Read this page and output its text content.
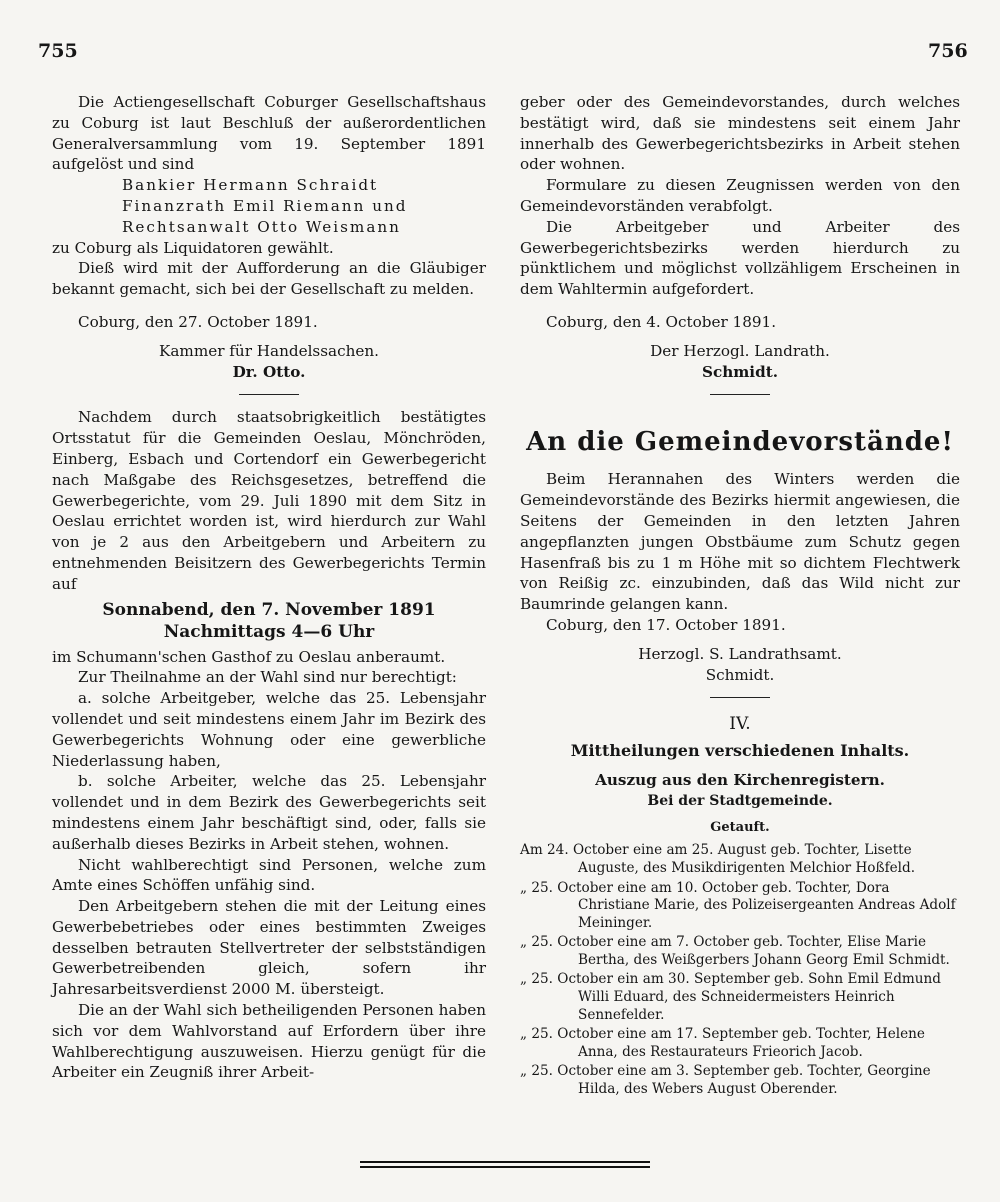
755	756

Die Actiengesellschaft Coburger Gesellschaftshaus zu Coburg ist laut Beschluß der außerordentlichen Generalversammlung vom 19. September 1891 aufgelöst und sind

Bankier Hermann Schraidt
Finanzrath Emil Riemann und
Rechtsanwalt Otto Weismann

zu Coburg als Liquidatoren gewählt.

Dieß wird mit der Aufforderung an die Gläubiger bekannt gemacht, sich bei der Gesellschaft zu melden.

Coburg, den 27. October 1891.

Kammer für Handelssachen.

Dr. Otto.

Nachdem durch staatsobrigkeitlich bestätigtes Ortsstatut für die Gemeinden Oeslau, Mönchröden, Einberg, Esbach und Cortendorf ein Gewerbegericht nach Maßgabe des Reichsgesetzes, betreffend die Gewerbegerichte, vom 29. Juli 1890 mit dem Sitz in Oeslau errichtet worden ist, wird hierdurch zur Wahl von je 2 aus den Arbeitgebern und Arbeitern zu entnehmenden Beisitzern des Gewerbegerichts Termin auf

Sonnabend, den 7. November 1891

Nachmittags 4—6 Uhr

im Schumann'schen Gasthof zu Oeslau anberaumt.

Zur Theilnahme an der Wahl sind nur berechtigt:

a. solche Arbeitgeber, welche das 25. Lebensjahr vollendet und seit mindestens einem Jahr im Bezirk des Gewerbegerichts Wohnung oder eine gewerbliche Niederlassung haben,

b. solche Arbeiter, welche das 25. Lebensjahr vollendet und in dem Bezirk des Gewerbegerichts seit mindestens einem Jahr beschäftigt sind, oder, falls sie außerhalb dieses Bezirks in Arbeit stehen, wohnen.

Nicht wahlberechtigt sind Personen, welche zum Amte eines Schöffen unfähig sind.

Den Arbeitgebern stehen die mit der Leitung eines Gewerbebetriebes oder eines bestimmten Zweiges desselben betrauten Stellvertreter der selbstständigen Gewerbetreibenden gleich, sofern ihr Jahresarbeitsverdienst 2000 M. übersteigt.

Die an der Wahl sich betheiligenden Personen haben sich vor dem Wahlvorstand auf Erfordern über ihre Wahlberechtigung auszuweisen. Hierzu genügt für die Arbeiter ein Zeugniß ihrer Arbeit-

geber oder des Gemeindevorstandes, durch welches bestätigt wird, daß sie mindestens seit einem Jahr innerhalb des Gewerbegerichtsbezirks in Arbeit stehen oder wohnen.

Formulare zu diesen Zeugnissen werden von den Gemeindevorständen verabfolgt.

Die Arbeitgeber und Arbeiter des Gewerbegerichtsbezirks werden hierdurch zu pünktlichem und möglichst vollzähligem Erscheinen in dem Wahltermin aufgefordert.

Coburg, den 4. October 1891.

Der Herzogl. Landrath.

Schmidt.

An die Gemeindevorstände!

Beim Herannahen des Winters werden die Gemeindevorstände des Bezirks hiermit angewiesen, die Seitens der Gemeinden in den letzten Jahren angepflanzten jungen Obstbäume zum Schutz gegen Hasenfraß bis zu 1 m Höhe mit so dichtem Flechtwerk von Reißig zc. einzubinden, daß das Wild nicht zur Baumrinde gelangen kann.

Coburg, den 17. October 1891.

Herzogl. S. Landrathsamt.

Schmidt.

IV.

Mittheilungen verschiedenen Inhalts.

Auszug aus den Kirchenregistern.

Bei der Stadtgemeinde.

Getauft.

Am 24. October eine am 25. August geb. Tochter, Lisette Auguste, des Musikdirigenten Melchior Hoßfeld.

„ 25. October eine am 10. October geb. Tochter, Dora Christiane Marie, des Polizeisergeanten Andreas Adolf Meininger.

„ 25. October eine am 7. October geb. Tochter, Elise Marie Bertha, des Weißgerbers Johann Georg Emil Schmidt.

„ 25. October ein am 30. September geb. Sohn Emil Edmund Willi Eduard, des Schneidermeisters Heinrich Sennefelder.

„ 25. October eine am 17. September geb. Tochter, Helene Anna, des Restaurateurs Frieorich Jacob.

„ 25. October eine am 3. September geb. Tochter, Georgine Hilda, des Webers August Oberender.
